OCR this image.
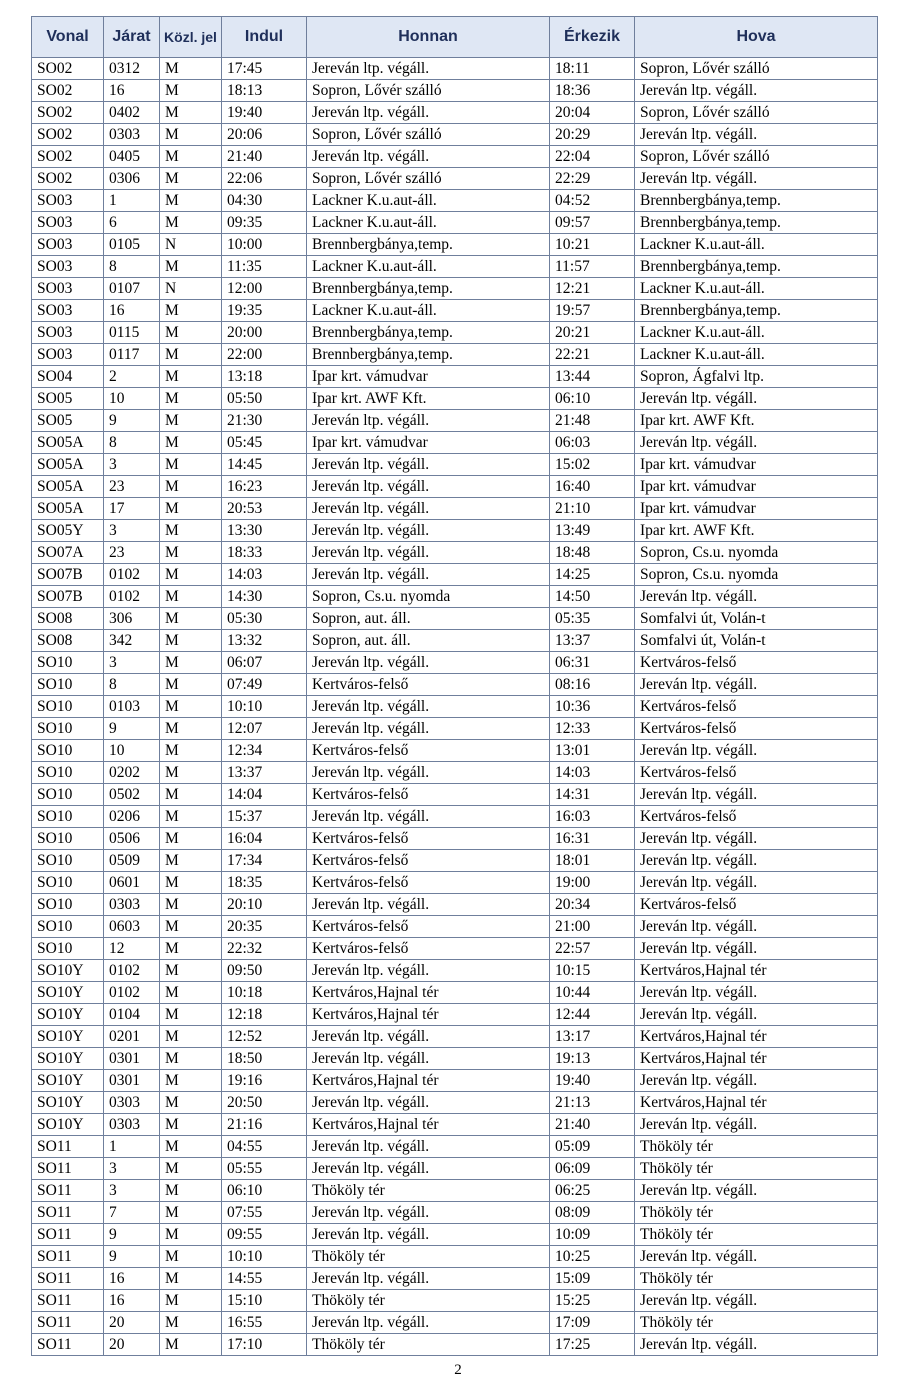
Vonal	Járat	Közl. jel	Indul	Honnan	Érkezik	Hova
SO02	0312	M	17:45	Jereván ltp. végáll.	18:11	Sopron, Lővér szálló
SO02	16	M	18:13	Sopron, Lővér szálló	18:36	Jereván ltp. végáll.
SO02	0402	M	19:40	Jereván ltp. végáll.	20:04	Sopron, Lővér szálló
SO02	0303	M	20:06	Sopron, Lővér szálló	20:29	Jereván ltp. végáll.
SO02	0405	M	21:40	Jereván ltp. végáll.	22:04	Sopron, Lővér szálló
SO02	0306	M	22:06	Sopron, Lővér szálló	22:29	Jereván ltp. végáll.
SO03	1	M	04:30	Lackner K.u.aut-áll.	04:52	Brennbergbánya,temp.
SO03	6	M	09:35	Lackner K.u.aut-áll.	09:57	Brennbergbánya,temp.
SO03	0105	N	10:00	Brennbergbánya,temp.	10:21	Lackner K.u.aut-áll.
SO03	8	M	11:35	Lackner K.u.aut-áll.	11:57	Brennbergbánya,temp.
SO03	0107	N	12:00	Brennbergbánya,temp.	12:21	Lackner K.u.aut-áll.
SO03	16	M	19:35	Lackner K.u.aut-áll.	19:57	Brennbergbánya,temp.
SO03	0115	M	20:00	Brennbergbánya,temp.	20:21	Lackner K.u.aut-áll.
SO03	0117	M	22:00	Brennbergbánya,temp.	22:21	Lackner K.u.aut-áll.
SO04	2	M	13:18	Ipar krt. vámudvar	13:44	Sopron, Ágfalvi ltp.
SO05	10	M	05:50	Ipar krt. AWF Kft.	06:10	Jereván ltp. végáll.
SO05	9	M	21:30	Jereván ltp. végáll.	21:48	Ipar krt. AWF Kft.
SO05A	8	M	05:45	Ipar krt. vámudvar	06:03	Jereván ltp. végáll.
SO05A	3	M	14:45	Jereván ltp. végáll.	15:02	Ipar krt. vámudvar
SO05A	23	M	16:23	Jereván ltp. végáll.	16:40	Ipar krt. vámudvar
SO05A	17	M	20:53	Jereván ltp. végáll.	21:10	Ipar krt. vámudvar
SO05Y	3	M	13:30	Jereván ltp. végáll.	13:49	Ipar krt. AWF Kft.
SO07A	23	M	18:33	Jereván ltp. végáll.	18:48	Sopron, Cs.u. nyomda
SO07B	0102	M	14:03	Jereván ltp. végáll.	14:25	Sopron, Cs.u. nyomda
SO07B	0102	M	14:30	Sopron, Cs.u. nyomda	14:50	Jereván ltp. végáll.
SO08	306	M	05:30	Sopron, aut. áll.	05:35	Somfalvi út, Volán-t
SO08	342	M	13:32	Sopron, aut. áll.	13:37	Somfalvi út, Volán-t
SO10	3	M	06:07	Jereván ltp. végáll.	06:31	Kertváros-felső
SO10	8	M	07:49	Kertváros-felső	08:16	Jereván ltp. végáll.
SO10	0103	M	10:10	Jereván ltp. végáll.	10:36	Kertváros-felső
SO10	9	M	12:07	Jereván ltp. végáll.	12:33	Kertváros-felső
SO10	10	M	12:34	Kertváros-felső	13:01	Jereván ltp. végáll.
SO10	0202	M	13:37	Jereván ltp. végáll.	14:03	Kertváros-felső
SO10	0502	M	14:04	Kertváros-felső	14:31	Jereván ltp. végáll.
SO10	0206	M	15:37	Jereván ltp. végáll.	16:03	Kertváros-felső
SO10	0506	M	16:04	Kertváros-felső	16:31	Jereván ltp. végáll.
SO10	0509	M	17:34	Kertváros-felső	18:01	Jereván ltp. végáll.
SO10	0601	M	18:35	Kertváros-felső	19:00	Jereván ltp. végáll.
SO10	0303	M	20:10	Jereván ltp. végáll.	20:34	Kertváros-felső
SO10	0603	M	20:35	Kertváros-felső	21:00	Jereván ltp. végáll.
SO10	12	M	22:32	Kertváros-felső	22:57	Jereván ltp. végáll.
SO10Y	0102	M	09:50	Jereván ltp. végáll.	10:15	Kertváros,Hajnal tér
SO10Y	0102	M	10:18	Kertváros,Hajnal tér	10:44	Jereván ltp. végáll.
SO10Y	0104	M	12:18	Kertváros,Hajnal tér	12:44	Jereván ltp. végáll.
SO10Y	0201	M	12:52	Jereván ltp. végáll.	13:17	Kertváros,Hajnal tér
SO10Y	0301	M	18:50	Jereván ltp. végáll.	19:13	Kertváros,Hajnal tér
SO10Y	0301	M	19:16	Kertváros,Hajnal tér	19:40	Jereván ltp. végáll.
SO10Y	0303	M	20:50	Jereván ltp. végáll.	21:13	Kertváros,Hajnal tér
SO10Y	0303	M	21:16	Kertváros,Hajnal tér	21:40	Jereván ltp. végáll.
SO11	1	M	04:55	Jereván ltp. végáll.	05:09	Thököly tér
SO11	3	M	05:55	Jereván ltp. végáll.	06:09	Thököly tér
SO11	3	M	06:10	Thököly tér	06:25	Jereván ltp. végáll.
SO11	7	M	07:55	Jereván ltp. végáll.	08:09	Thököly tér
SO11	9	M	09:55	Jereván ltp. végáll.	10:09	Thököly tér
SO11	9	M	10:10	Thököly tér	10:25	Jereván ltp. végáll.
SO11	16	M	14:55	Jereván ltp. végáll.	15:09	Thököly tér
SO11	16	M	15:10	Thököly tér	15:25	Jereván ltp. végáll.
SO11	20	M	16:55	Jereván ltp. végáll.	17:09	Thököly tér
SO11	20	M	17:10	Thököly tér	17:25	Jereván ltp. végáll.
2
